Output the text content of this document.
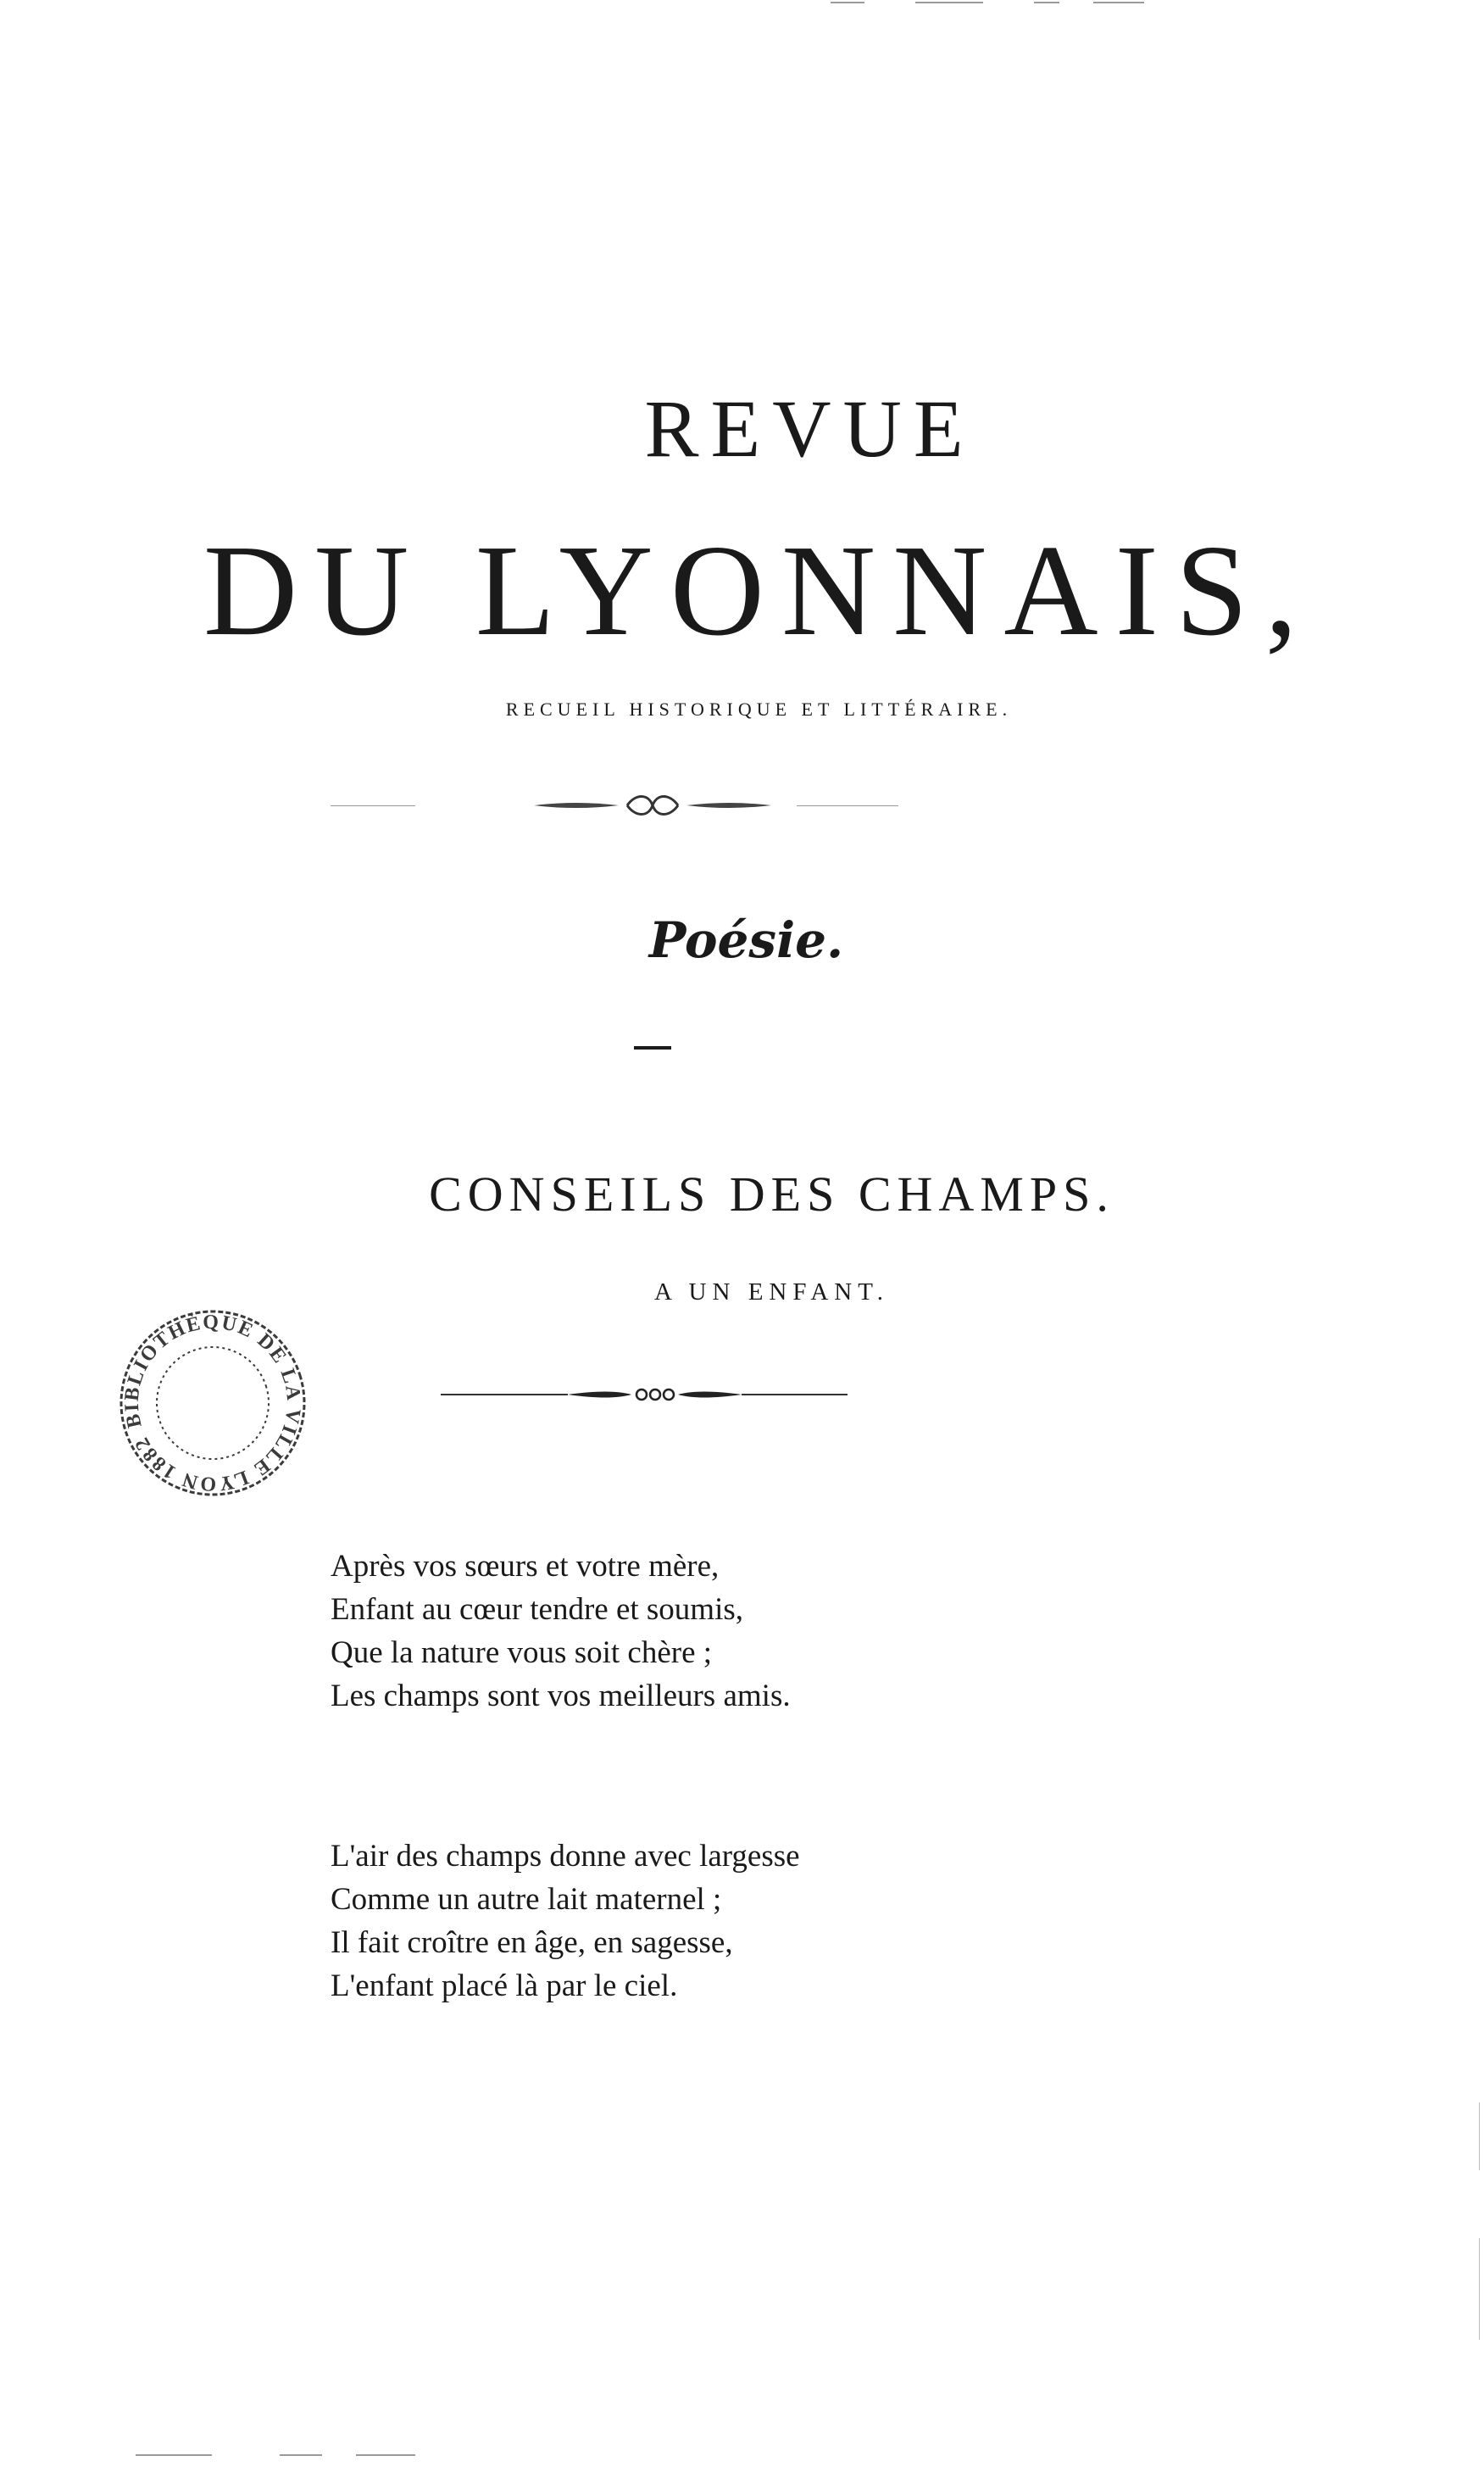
REVUE
DU LYONNAIS,
RECUEIL HISTORIQUE ET LITTÉRAIRE.
Poésie.
CONSEILS DES CHAMPS.
A UN ENFANT.
BIBLIOTHÈQUE DE LA VILLE LYON 1882
Après vos sœurs et votre mère,
Enfant au cœur tendre et soumis,
Que la nature vous soit chère ;
Les champs sont vos meilleurs amis.
L'air des champs donne avec largesse
Comme un autre lait maternel ;
Il fait croître en âge, en sagesse,
L'enfant placé là par le ciel.
